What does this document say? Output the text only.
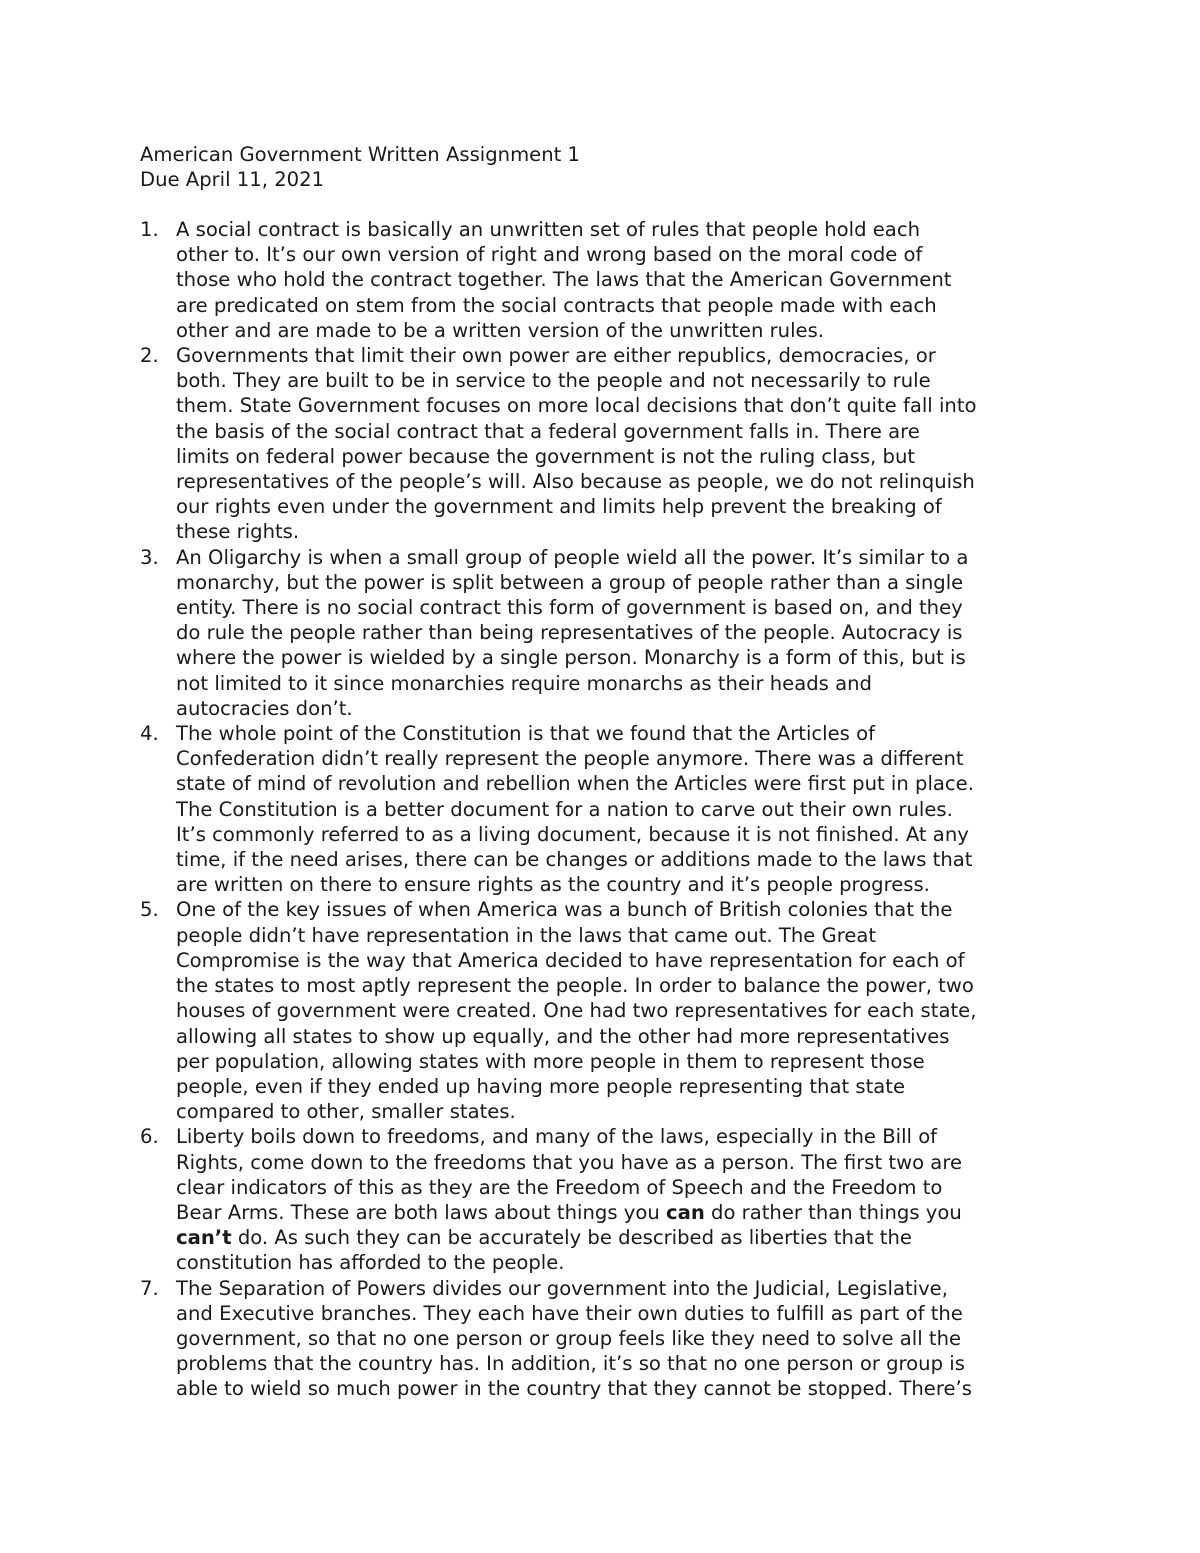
American Government Written Assignment 1
Due April 11, 2021
1. A social contract is basically an unwritten set of rules that people hold each
other to. It’s our own version of right and wrong based on the moral code of
those who hold the contract together. The laws that the American Government
are predicated on stem from the social contracts that people made with each
other and are made to be a written version of the unwritten rules.
2. Governments that limit their own power are either republics, democracies, or
both. They are built to be in service to the people and not necessarily to rule
them. State Government focuses on more local decisions that don’t quite fall into
the basis of the social contract that a federal government falls in. There are
limits on federal power because the government is not the ruling class, but
representatives of the people’s will. Also because as people, we do not relinquish
our rights even under the government and limits help prevent the breaking of
these rights.
3. An Oligarchy is when a small group of people wield all the power. It’s similar to a
monarchy, but the power is split between a group of people rather than a single
entity. There is no social contract this form of government is based on, and they
do rule the people rather than being representatives of the people. Autocracy is
where the power is wielded by a single person. Monarchy is a form of this, but is
not limited to it since monarchies require monarchs as their heads and
autocracies don’t.
4. The whole point of the Constitution is that we found that the Articles of
Confederation didn’t really represent the people anymore. There was a different
state of mind of revolution and rebellion when the Articles were first put in place.
The Constitution is a better document for a nation to carve out their own rules.
It’s commonly referred to as a living document, because it is not finished. At any
time, if the need arises, there can be changes or additions made to the laws that
are written on there to ensure rights as the country and it’s people progress.
5. One of the key issues of when America was a bunch of British colonies that the
people didn’t have representation in the laws that came out. The Great
Compromise is the way that America decided to have representation for each of
the states to most aptly represent the people. In order to balance the power, two
houses of government were created. One had two representatives for each state,
allowing all states to show up equally, and the other had more representatives
per population, allowing states with more people in them to represent those
people, even if they ended up having more people representing that state
compared to other, smaller states.
6. Liberty boils down to freedoms, and many of the laws, especially in the Bill of
Rights, come down to the freedoms that you have as a person. The first two are
clear indicators of this as they are the Freedom of Speech and the Freedom to
Bear Arms. These are both laws about things you can do rather than things you
can’t do. As such they can be accurately be described as liberties that the
constitution has afforded to the people.
7. The Separation of Powers divides our government into the Judicial, Legislative,
and Executive branches. They each have their own duties to fulfill as part of the
government, so that no one person or group feels like they need to solve all the
problems that the country has. In addition, it’s so that no one person or group is
able to wield so much power in the country that they cannot be stopped. There’s
